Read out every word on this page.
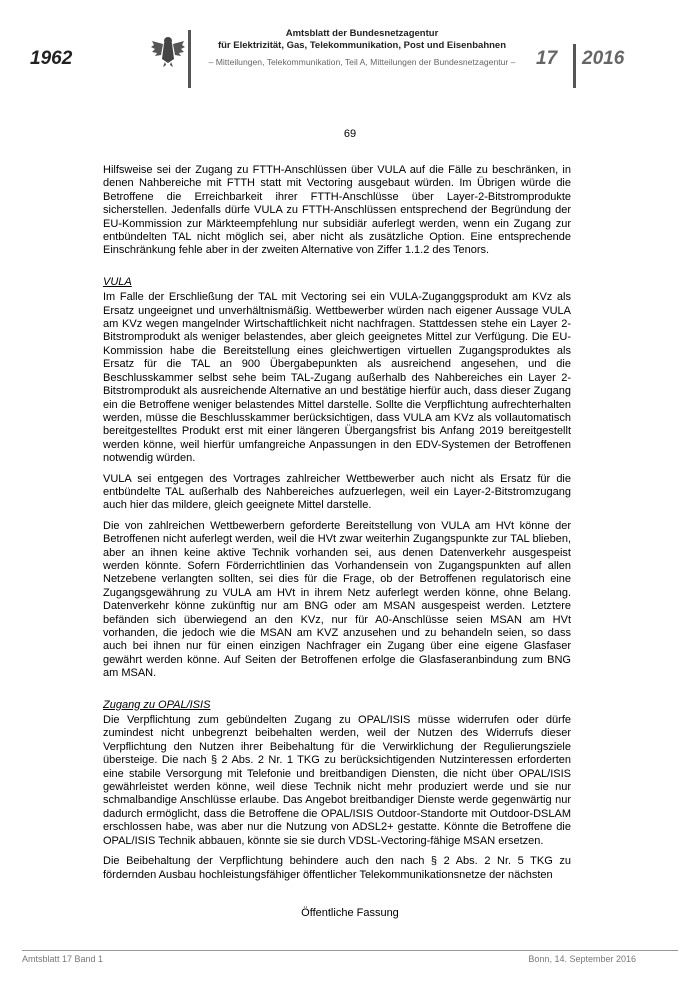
1962
Amtsblatt der Bundesnetzagentur
für Elektrizität, Gas, Telekommunikation, Post und Eisenbahnen
– Mitteilungen, Telekommunikation, Teil A, Mitteilungen der Bundesnetzagentur –	17 2016
69

Hilfsweise sei der Zugang zu FTTH-Anschlüssen über VULA auf die Fälle zu beschränken, in denen Nahbereiche mit FTTH statt mit Vectoring ausgebaut würden. Im Übrigen würde die Betroffene die Erreichbarkeit ihrer FTTH-Anschlüsse über Layer-2-Bitstromprodukte sicherstellen. Jedenfalls dürfe VULA zu FTTH-Anschlüssen entsprechend der Begründung der EU-Kommission zur Märkteempfehlung nur subsidiär auferlegt werden, wenn ein Zugang zur entbündelten TAL nicht möglich sei, aber nicht als zusätzliche Option. Eine entsprechende Einschränkung fehle aber in der zweiten Alternative von Ziffer 1.1.2 des Tenors.

VULA

Im Falle der Erschließung der TAL mit Vectoring sei ein VULA-Zuganggsprodukt am KVz als Ersatz ungeeignet und unverhältnismäßig. Wettbewerber würden nach eigener Aussage VULA am KVz wegen mangelnder Wirtschaftlichkeit nicht nachfragen. Stattdessen stehe ein Layer 2-Bitstromprodukt als weniger belastendes, aber gleich geeignetes Mittel zur Verfügung. Die EU-Kommission habe die Bereitstellung eines gleichwertigen virtuellen Zugangsproduktes als Ersatz für die TAL an 900 Übergabepunkten als ausreichend angesehen, und die Beschlusskammer selbst sehe beim TAL-Zugang außerhalb des Nahbereiches ein Layer 2-Bitstromprodukt als ausreichende Alternative an und bestätige hierfür auch, dass dieser Zugang ein die Betroffene weniger belastendes Mittel darstelle. Sollte die Verpflichtung aufrechterhalten werden, müsse die Beschlusskammer berücksichtigen, dass VULA am KVz als vollautomatisch bereitgestelltes Produkt erst mit einer längeren Übergangsfrist bis Anfang 2019 bereitgestellt werden könne, weil hierfür umfangreiche Anpassungen in den EDV-Systemen der Betroffenen notwendig würden.

VULA sei entgegen des Vortrages zahlreicher Wettbewerber auch nicht als Ersatz für die entbündelte TAL außerhalb des Nahbereiches aufzuerlegen, weil ein Layer-2-Bitstromzugang auch hier das mildere, gleich geeignete Mittel darstelle.

Die von zahlreichen Wettbewerbern geforderte Bereitstellung von VULA am HVt könne der Betroffenen nicht auferlegt werden, weil die HVt zwar weiterhin Zugangspunkte zur TAL blieben, aber an ihnen keine aktive Technik vorhanden sei, aus denen Datenverkehr ausgespeist werden könnte. Sofern Förderrichtlinien das Vorhandensein von Zugangspunkten auf allen Netzebene verlangten sollten, sei dies für die Frage, ob der Betroffenen regulatorisch eine Zugangsgewährung zu VULA am HVt in ihrem Netz auferlegt werden könne, ohne Belang. Datenverkehr könne zukünftig nur am BNG oder am MSAN ausgespeist werden. Letztere befänden sich überwiegend an den KVz, nur für A0-Anschlüsse seien MSAN am HVt vorhanden, die jedoch wie die MSAN am KVZ anzusehen und zu behandeln seien, so dass auch bei ihnen nur für einen einzigen Nachfrager ein Zugang über eine eigene Glasfaser gewährt werden könne. Auf Seiten der Betroffenen erfolge die Glasfaseranbindung zum BNG am MSAN.

Zugang zu OPAL/ISIS

Die Verpflichtung zum gebündelten Zugang zu OPAL/ISIS müsse widerrufen oder dürfe zumindest nicht unbegrenzt beibehalten werden, weil der Nutzen des Widerrufs dieser Verpflichtung den Nutzen ihrer Beibehaltung für die Verwirklichung der Regulierungsziele übersteige. Die nach § 2 Abs. 2 Nr. 1 TKG zu berücksichtigenden Nutzinteressen erforderten eine stabile Versorgung mit Telefonie und breitbandigen Diensten, die nicht über OPAL/ISIS gewährleistet werden könne, weil diese Technik nicht mehr produziert werde und sie nur schmalbandige Anschlüsse erlaube. Das Angebot breitbandiger Dienste werde gegenwärtig nur dadurch ermöglicht, dass die Betroffene die OPAL/ISIS Outdoor-Standorte mit Outdoor-DSLAM erschlossen habe, was aber nur die Nutzung von ADSL2+ gestatte. Könnte die Betroffene die OPAL/ISIS Technik abbauen, könnte sie sie durch VDSL-Vectoring-fähige MSAN ersetzen.

Die Beibehaltung der Verpflichtung behindere auch den nach § 2 Abs. 2 Nr. 5 TKG zu fördernden Ausbau hochleistungsfähiger öffentlicher Telekommunikationsnetze der nächsten

Öffentliche Fassung
Amtsblatt 17 Band 1	Bonn, 14. September 2016
